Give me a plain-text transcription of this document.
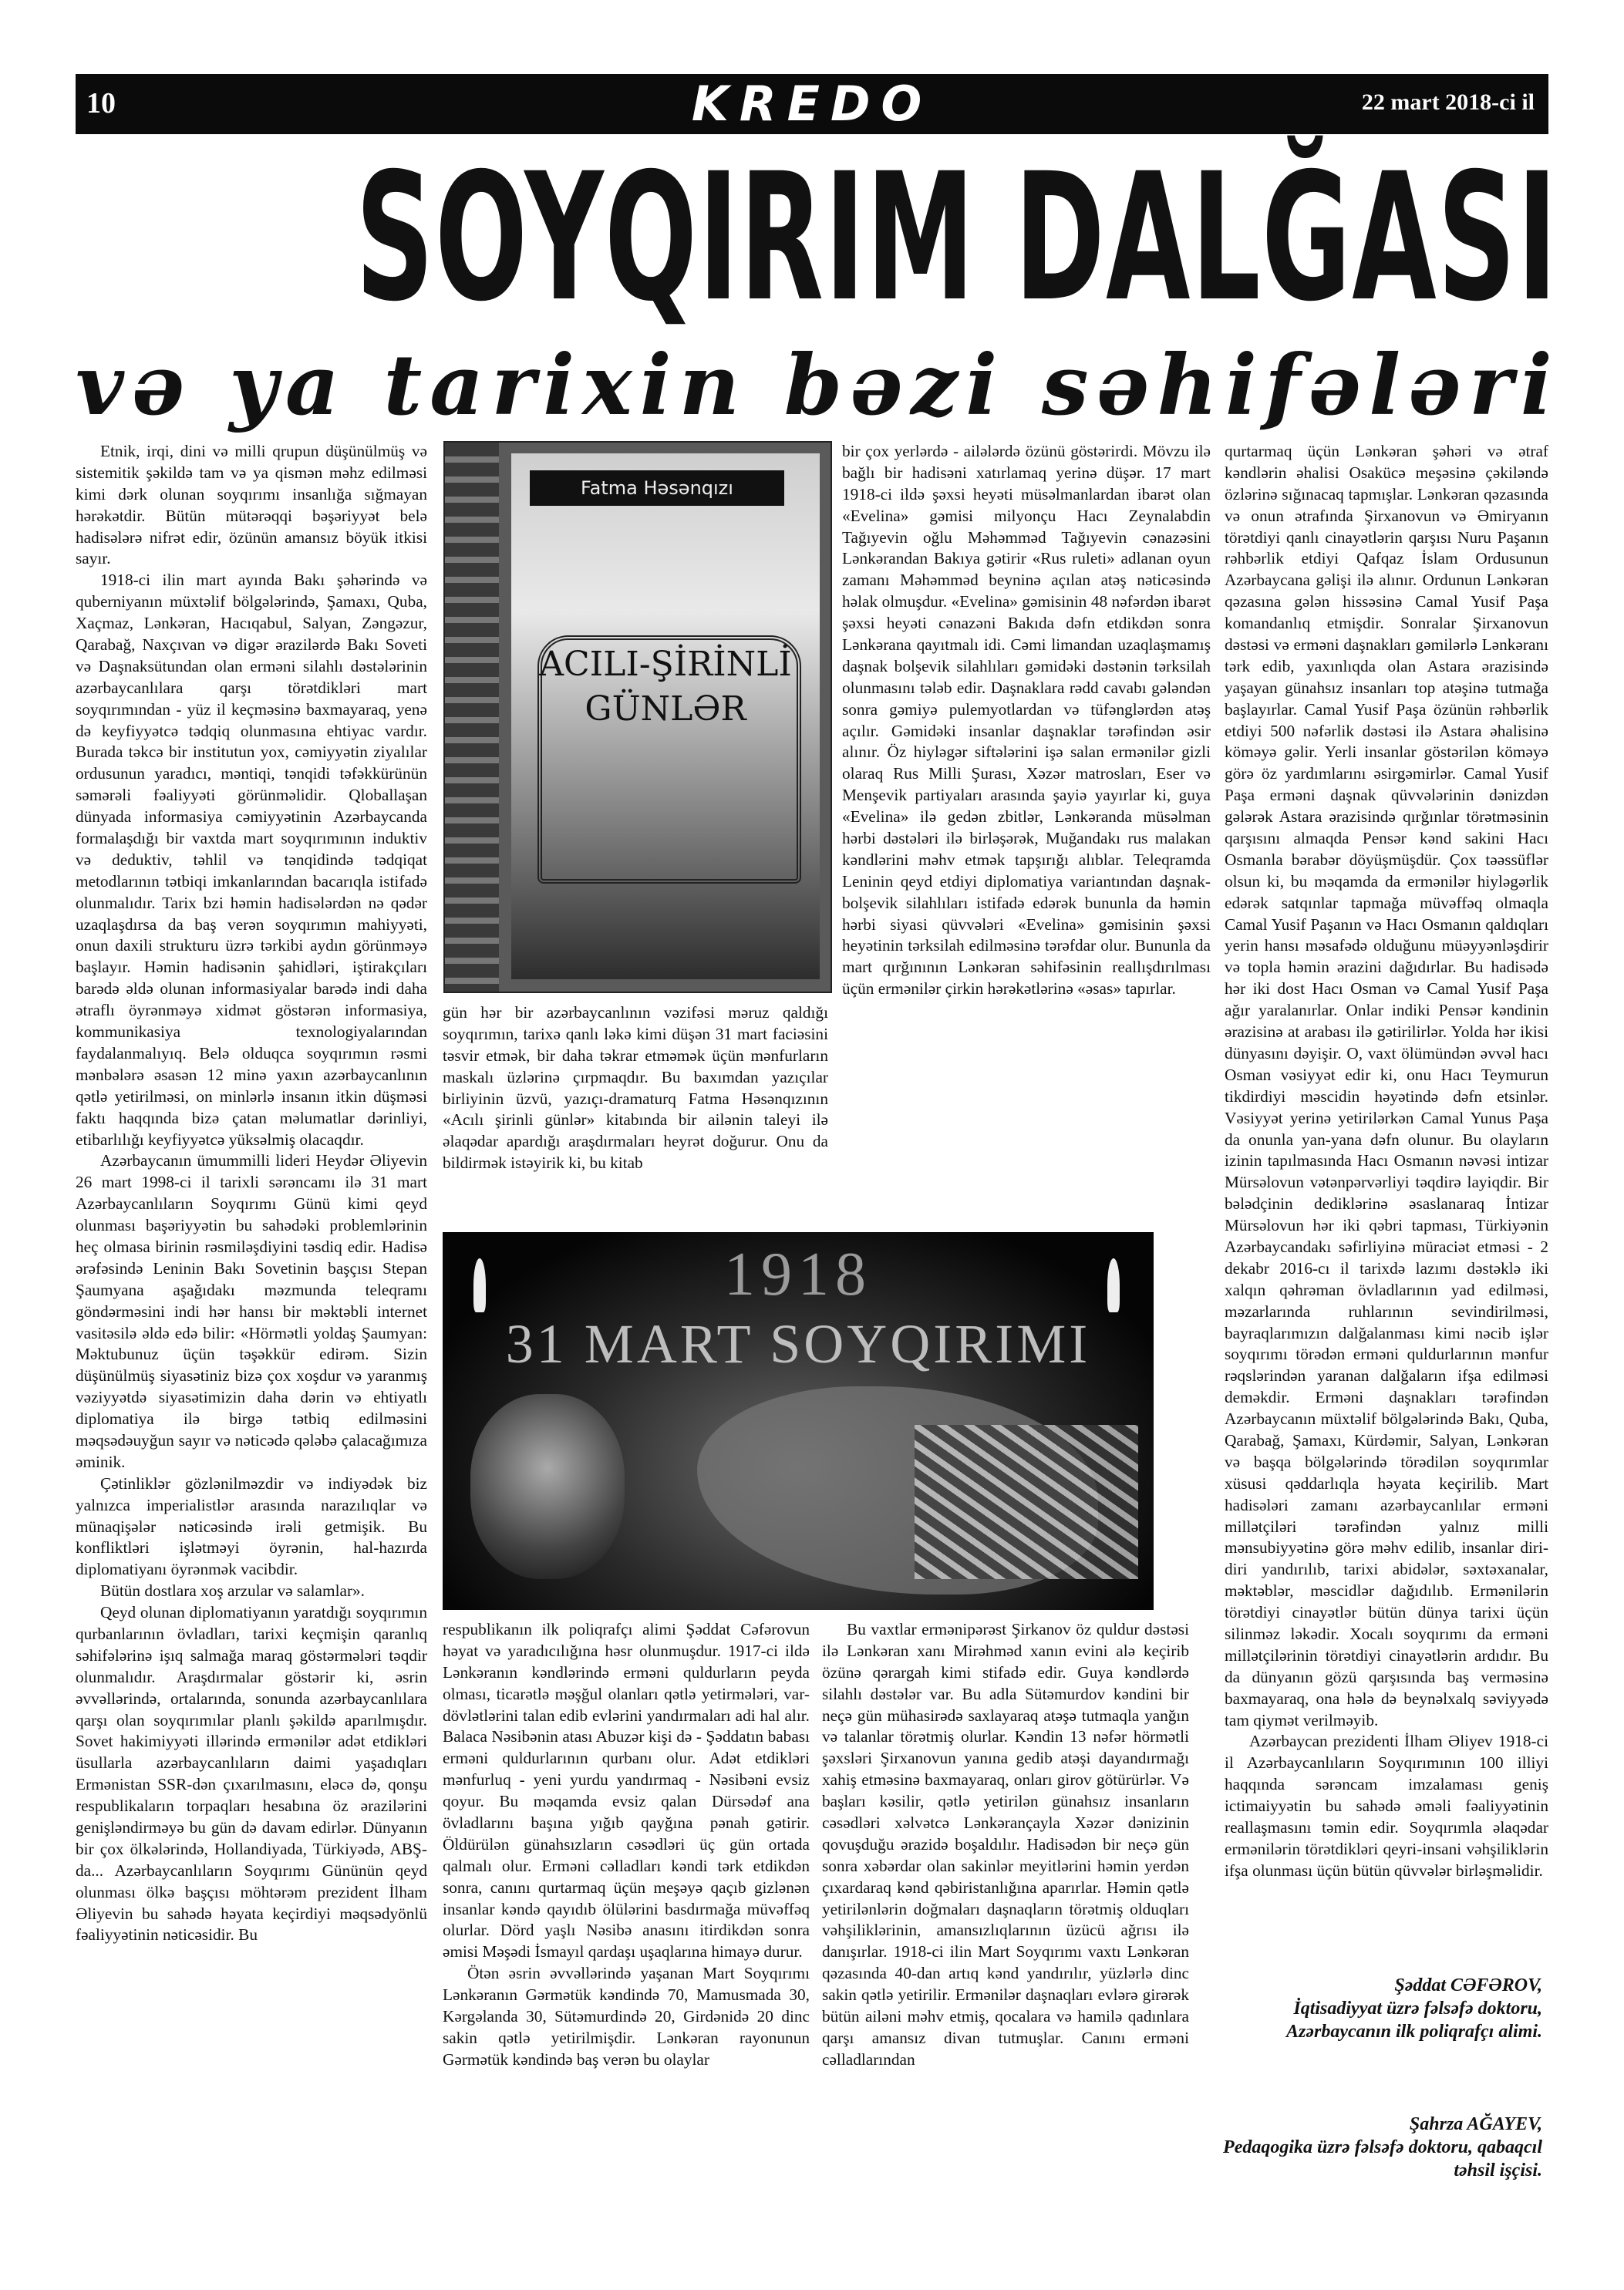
10	KREDO	22 mart 2018-ci il
SOYQIRIM DALĞASI
və ya tarixin bəzi səhifələri

Etnik, irqi, dini və milli qrupun düşünülmüş və sistemitik şəkildə tam və ya qismən məhz edilməsi kimi dərk olunan soyqırımı insanlığa sığmayan hərəkətdir. Bütün mütərəqqi bəşəriyyət belə hadisələrə nifrət edir, özünün amansız böyük itkisi sayır.

1918-ci ilin mart ayında Bakı şəhərində və quberniyanın müxtəlif bölgələrində, Şamaxı, Quba, Xaçmaz, Lənkəran, Hacıqabul, Salyan, Zəngəzur, Qarabağ, Naxçıvan və digər ərazilərdə Bakı Soveti və Daşnaksütundan olan erməni silahlı dəstələrinin azərbaycanlılara qarşı törətdikləri mart soyqırımından - yüz il keçməsinə baxmayaraq, yenə də keyfiyyətcə tədqiq olunmasına ehtiyac vardır. Burada təkcə bir institutun yox, cəmiyyətin ziyalılar ordusunun yaradıcı, məntiqi, tənqidi təfəkkürünün səmərəli fəaliyyəti görünməlidir. Qloballaşan dünyada informasiya cəmiyyətinin Azərbaycanda formalaşdığı bir vaxtda mart soyqırımının induktiv və deduktiv, təhlil və tənqidində tədqiqat metodlarının tətbiqi imkanlarından bacarıqla istifadə olunmalıdır. Tarix bzi həmin hadisələrdən nə qədər uzaqlaşdırsa da baş verən soyqırımın mahiyyəti, onun daxili strukturu üzrə tərkibi aydın görünməyə başlayır. Həmin hadisənin şahidləri, iştirakçıları barədə əldə olunan informasiyalar barədə indi daha ətraflı öyrənməyə xidmət göstərən informasiya, kommunikasiya texnologiyalarından faydalanmalıyıq. Belə olduqca soyqırımın rəsmi mənbələrə əsasən 12 minə yaxın azərbaycanlının qətlə yetirilməsi, on minlərlə insanın itkin düşməsi faktı haqqında bizə çatan məlumatlar dərinliyi, etibarlılığı keyfiyyətcə yüksəlmiş olacaqdır.

Azərbaycanın ümummilli lideri Heydər Əliyevin 26 mart 1998-ci il tarixli sərəncamı ilə 31 mart Azərbaycanlıların Soyqırımı Günü kimi qeyd olunması başəriyyətin bu sahədəki problemlərinin heç olmasa birinin rəsmiləşdiyini təsdiq edir. Hadisə ərəfəsində Leninin Bakı Sovetinin başçısı Stepan Şaumyana aşağıdakı məzmunda teleqramı göndərməsini indi hər hansı bir məktəbli internet vasitəsilə əldə edə bilir: «Hörmətli yoldaş Şaumyan: Məktubunuz üçün təşəkkür edirəm. Sizin düşünülmüş siyasətiniz bizə çox xoşdur və yaranmış vəziyyətdə siyasətimizin daha dərin və ehtiyatlı diplomatiya ilə birgə tətbiq edilməsini məqsədəuyğun sayır və nəticədə qələbə çalacağımıza əminik.

Çətinliklər gözlənilməzdir və indiyədək biz yalnızca imperialistlər arasında narazılıqlar və münaqişələr nəticəsində irəli getmişik. Bu konfliktləri işlətməyi öyrənin, hal-hazırda diplomatiyanı öyrənmək vacibdir.

Bütün dostlara xoş arzular və salamlar».

Qeyd olunan diplomatiyanın yaratdığı soyqırımın qurbanlarının övladları, tarixi keçmişin qaranlıq səhifələrinə işıq salmağa maraq göstərmələri təqdir olunmalıdır. Araşdırmalar göstərir ki, əsrin əvvəllərində, ortalarında, sonunda azərbaycanlılara qarşı olan soyqırımılar planlı şəkildə aparılmışdır. Sovet hakimiyyəti illərində ermənilər adət etdikləri üsullarla azərbaycanlıların daimi yaşadıqları Ermənistan SSR-dən çıxarılmasını, eləcə də, qonşu respublikaların torpaqları hesabına öz ərazilərini genişləndirməyə bu gün də davam edirlər. Dünyanın bir çox ölkələrində, Hollandiyada, Türkiyədə, ABŞ-da... Azərbaycanlıların Soyqırımı Gününün qeyd olunması ölkə başçısı möhtərəm prezident İlham Əliyevin bu sahədə həyata keçirdiyi məqsədyönlü fəaliyyətinin nəticəsidir. Bu

Fatma Həsənqızı
ACILI-ŞİRİNLİ
GÜNLƏR

gün hər bir azərbaycanlının vəzifəsi məruz qaldığı soyqırımın, tarixə qanlı ləkə kimi düşən 31 mart faciəsini təsvir etmək, bir daha təkrar etməmək üçün mənfurların maskalı üzlərinə çırpmaqdır. Bu baxımdan yazıçılar birliyinin üzvü, yazıçı-dramaturq Fatma Həsənqızının «Acılı şirinli günlər» kitabında bir ailənin taleyi ilə əlaqədar apardığı araşdırmaları heyrət doğurur. Onu da bildirmək istəyirik ki, bu kitab

bir çox yerlərdə - ailələrdə özünü göstərirdi. Mövzu ilə bağlı bir hadisəni xatırlamaq yerinə düşər. 17 mart 1918-ci ildə şəxsi heyəti müsəlmanlardan ibarət olan «Evelina» gəmisi milyonçu Hacı Zeynalabdin Tağıyevin oğlu Məhəmməd Tağıyevin cənazəsini Lənkərandan Bakıya gətirir «Rus ruleti» adlanan oyun zamanı Məhəmməd beyninə açılan atəş nəticəsində həlak olmuşdur. «Evelina» gəmisinin 48 nəfərdən ibarət şəxsi heyəti cənazəni Bakıda dəfn etdikdən sonra Lənkərana qayıtmalı idi. Cəmi limandan uzaqlaşmamış daşnak bolşevik silahlıları gəmidəki dəstənin tərksilah olunmasını tələb edir. Daşnaklara rədd cavabı gələndən sonra gəmiyə pulemyotlardan və tüfənglərdən atəş açılır. Gəmidəki insanlar daşnaklar tərəfindən əsir alınır. Öz hiyləgər siftələrini işə salan ermənilər gizli olaraq Rus Milli Şurası, Xəzər matrosları, Eser və Menşevik partiyaları arasında şayiə yayırlar ki, guya «Evelina» ilə gedən zbitlər, Lənkəranda müsəlman hərbi dəstələri ilə birləşərək, Muğandakı rus malakan kəndlərini məhv etmək tapşırığı alıblar. Teleqramda Leninin qeyd etdiyi diplomatiya variantından daşnak-bolşevik silahlıları istifadə edərək bununla da həmin hərbi siyasi qüvvələri «Evelina» gəmisinin şəxsi heyətinin tərksilah edilməsinə tərəfdar olur. Bununla da mart qırğınının Lənkəran səhifəsinin reallışdırılması üçün ermənilər çirkin hərəkətlərinə «əsas» tapırlar.

1918
31 MART SOYQIRIMI

respublikanın ilk poliqrafçı alimi Şəddat Cəfərovun həyat və yaradıcılığına həsr olunmuşdur. 1917-ci ildə Lənkəranın kəndlərində erməni quldurların peyda olması, ticarətlə məşğul olanları qətlə yetirmələri, var-dövlətlərini talan edib evlərini yandırmaları adi hal alır. Balaca Nəsibənin atası Abuzər kişi də - Şəddatın babası erməni quldurlarının qurbanı olur. Adət etdikləri mənfurluq - yeni yurdu yandırmaq - Nəsibəni evsiz qoyur. Bu məqamda evsiz qalan Dürsədəf ana övladlarını başına yığıb qayğına pənah gətirir. Öldürülən günahsızların cəsədləri üç gün ortada qalmalı olur. Erməni cəlladları kəndi tərk etdikdən sonra, canını qurtarmaq üçün meşəyə qaçıb gizlənən insanlar kəndə qayıdıb ölülərini basdırmağa müvəffəq olurlar. Dörd yaşlı Nəsibə anasını itirdikdən sonra əmisi Məşədi İsmayıl qardaşı uşaqlarına himayə durur.

Ötən əsrin əvvəllərində yaşanan Mart Soyqırımı Lənkəranın Gərmətük kəndində 70, Mamusmada 30, Kərgəlanda 30, Sütəmurdində 20, Girdənidə 20 dinc sakin qətlə yetirilmişdir. Lənkəran rayonunun Gərmətük kəndində baş verən bu olaylar

Bu vaxtlar ermənipərəst Şirkanov öz quldur dəstəsi ilə Lənkəran xanı Mirəhməd xanın evini alə keçirib özünə qərargah kimi stifadə edir. Guya kəndlərdə silahlı dəstələr var. Bu adla Sütəmurdov kəndini bir neçə gün mühasirədə saxlayaraq atəşə tutmaqla yanğın və talanlar törətmiş olurlar. Kəndin 13 nəfər hörmətli şəxsləri Şirxanovun yanına gedib atəşi dayandırmağı xahiş etməsinə baxmayaraq, onları girov götürürlər. Və başları kəsilir, qətlə yetirilən günahsız insanların cəsədləri xəlvətcə Lənkərançayla Xəzər dənizinin qovuşduğu ərazidə boşaldılır. Hadisədən bir neçə gün sonra xəbərdar olan sakinlər meyitlərini həmin yerdən çıxardaraq kənd qəbiristanlığına aparırlar. Həmin qətlə yetirilənlərin doğmaları daşnaqların törətmiş olduqları vəhşiliklərinin, amansızlıqlarının üzücü ağrısı ilə danışırlar. 1918-ci ilin Mart Soyqırımı vaxtı Lənkəran qəzasında 40-dan artıq kənd yandırılır, yüzlərlə dinc sakin qətlə yetirilir. Ermənilər daşnaqları evlərə girərək bütün ailəni məhv etmiş, qocalara və hamilə qadınlara qarşı amansız divan tutmuşlar. Canını erməni cəlladlarından

qurtarmaq üçün Lənkəran şəhəri və ətraf kəndlərin əhalisi Osakücə meşəsinə çəkiləndə özlərinə sığınacaq tapmışlar. Lənkəran qəzasında və onun ətrafında Şirxanovun və Əmiryanın törətdiyi qanlı cinayətlərin qarşısı Nuru Paşanın rəhbərlik etdiyi Qafqaz İslam Ordusunun Azərbaycana gəlişi ilə alınır. Ordunun Lənkəran qəzasına gələn hissəsinə Camal Yusif Paşa komandanlıq etmişdir. Sonralar Şirxanovun dəstəsi və erməni daşnakları gəmilərlə Lənkəranı tərk edib, yaxınlıqda olan Astara ərazisində yaşayan günahsız insanları top atəşinə tutmağa başlayırlar. Camal Yusif Paşa özünün rəhbərlik etdiyi 500 nəfərlik dəstəsi ilə Astara əhalisinə köməyə gəlir. Yerli insanlar göstərilən köməyə görə öz yardımlarını əsirgəmirlər. Camal Yusif Paşa erməni daşnak qüvvələrinin dənizdən gələrək Astara ərazisində qırğınlar törətməsinin qarşısını almaqda Pensər kənd sakini Hacı Osmanla bərabər döyüşmüşdür. Çox təəssüflər olsun ki, bu məqamda da ermənilər hiyləgərlik edərək satqınlar tapmağa müvəffəq olmaqla Camal Yusif Paşanın və Hacı Osmanın qaldıqları yerin hansı məsafədə olduğunu müəyyənləşdirir və topla həmin ərazini dağıdırlar. Bu hadisədə hər iki dost Hacı Osman və Camal Yusif Paşa ağır yaralanırlar. Onlar indiki Pensər kəndinin ərazisinə at arabası ilə gətirilirlər. Yolda hər ikisi dünyasını dəyişir. O, vaxt ölümündən əvvəl hacı Osman vəsiyyət edir ki, onu Hacı Teymurun tikdirdiyi məscidin həyətində dəfn etsinlər. Vəsiyyət yerinə yetirilərkən Camal Yunus Paşa da onunla yan-yana dəfn olunur. Bu olayların izinin tapılmasında Hacı Osmanın nəvəsi intizar Mürsəlovun vətənpərvərliyi təqdirə layiqdir. Bir bələdçinin dediklərinə əsaslanaraq İntizar Mürsəlovun hər iki qəbri tapması, Türkiyənin Azərbaycandakı səfirliyinə müraciət etməsi - 2 dekabr 2016-cı il tarixdə lazımı dəstəklə iki xalqın qəhrəman övladlarının yad edilməsi, məzarlarında ruhlarının sevindirilməsi, bayraqlarımızın dalğalanması kimi nəcib işlər soyqırımı törədən erməni quldurlarının mənfur rəqslərindən yaranan dalğaların ifşa edilməsi deməkdir. Erməni daşnakları tərəfindən Azərbaycanın müxtəlif bölgələrində Bakı, Quba, Qarabağ, Şamaxı, Kürdəmir, Salyan, Lənkəran və başqa bölgələrində törədilən soyqırımlar xüsusi qəddarlıqla həyata keçirilib. Mart hadisələri zamanı azərbaycanlılar erməni millətçiləri tərəfindən yalnız milli mənsubiyyətinə görə məhv edilib, insanlar diri-diri yandırılıb, tarixi abidələr, səxtəxanalar, məktəblər, məscidlər dağıdılıb. Ermənilərin törətdiyi cinayətlər bütün dünya tarixi üçün silinməz ləkədir. Xocalı soyqırımı da erməni millətçilərinin törətdiyi cinayətlərin ardıdır. Bu da dünyanın gözü qarşısında baş verməsinə baxmayaraq, onа hələ də beynəlxalq səviyyədə tam qiymət verilməyib.

Azərbaycan prezidenti İlham Əliyev 1918-ci il Azərbaycanlıların Soyqırımının 100 illiyi haqqında sərəncam imzalaması geniş ictimaiyyətin bu sahədə əməli fəaliyyətinin reallaşmasını təmin edir. Soyqırımla əlaqədar ermənilərin törətdikləri qeyri-insani vəhşiliklərin ifşa olunması üçün bütün qüvvələr birləşməlidir.

Şəddat CƏFƏROV,
İqtisadiyyat üzrə fəlsəfə doktoru, Azərbaycanın ilk poliqrafçı alimi.
Şahrza AĞAYEV,
Pedaqogika üzrə fəlsəfə doktoru, qabaqcıl təhsil işçisi.
